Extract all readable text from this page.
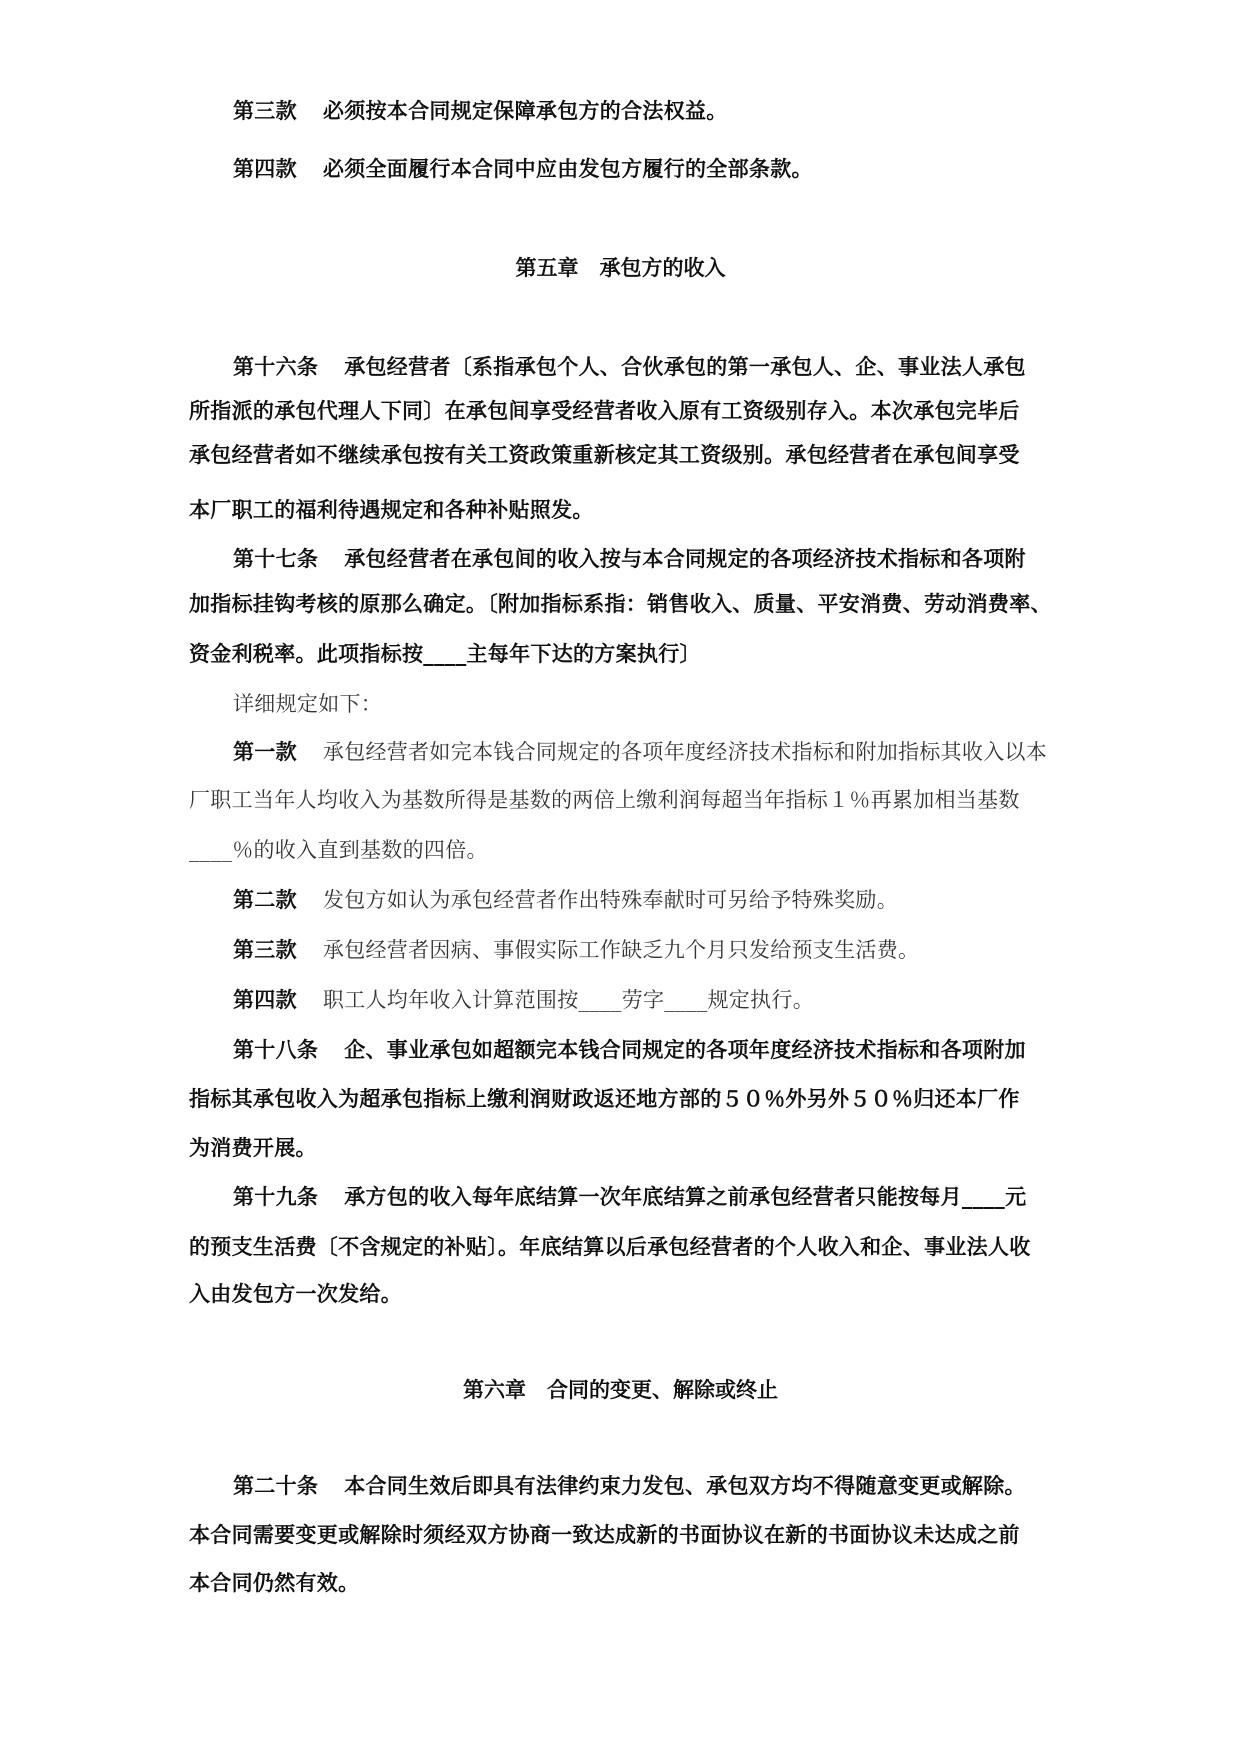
第三款 必须按本合同规定保障承包方的合法权益。
第四款 必须全面履行本合同中应由发包方履行的全部条款。
第五章　承包方的收入
第十六条 承包经营者〔系指承包个人、合伙承包的第一承包人、企、事业法人承包
所指派的承包代理人下同〕在承包间享受经营者收入原有工资级别存入。本次承包完毕后
承包经营者如不继续承包按有关工资政策重新核定其工资级别。承包经营者在承包间享受
本厂职工的福利待遇规定和各种补贴照发。
第十七条 承包经营者在承包间的收入按与本合同规定的各项经济技术指标和各项附
加指标挂钩考核的原那么确定。〔附加指标系指：销售收入、质量、平安消费、劳动消费率、
资金利税率。此项指标按____主每年下达的方案执行〕
详细规定如下：
第一款 承包经营者如完本钱合同规定的各项年度经济技术指标和附加指标其收入以本
厂职工当年人均收入为基数所得是基数的两倍上缴利润每超当年指标１％再累加相当基数
____％的收入直到基数的四倍。
第二款 发包方如认为承包经营者作出特殊奉献时可另给予特殊奖励。
第三款 承包经营者因病、事假实际工作缺乏九个月只发给预支生活费。
第四款 职工人均年收入计算范围按____劳字____规定执行。
第十八条 企、事业承包如超额完本钱合同规定的各项年度经济技术指标和各项附加
指标其承包收入为超承包指标上缴利润财政返还地方部的５０％外另外５０％归还本厂作
为消费开展。
第十九条 承方包的收入每年底结算一次年底结算之前承包经营者只能按每月____元
的预支生活费〔不含规定的补贴〕。年底结算以后承包经营者的个人收入和企、事业法人收
入由发包方一次发给。
第六章　合同的变更、解除或终止
第二十条 本合同生效后即具有法律约束力发包、承包双方均不得随意变更或解除。
本合同需要变更或解除时须经双方协商一致达成新的书面协议在新的书面协议未达成之前
本合同仍然有效。
